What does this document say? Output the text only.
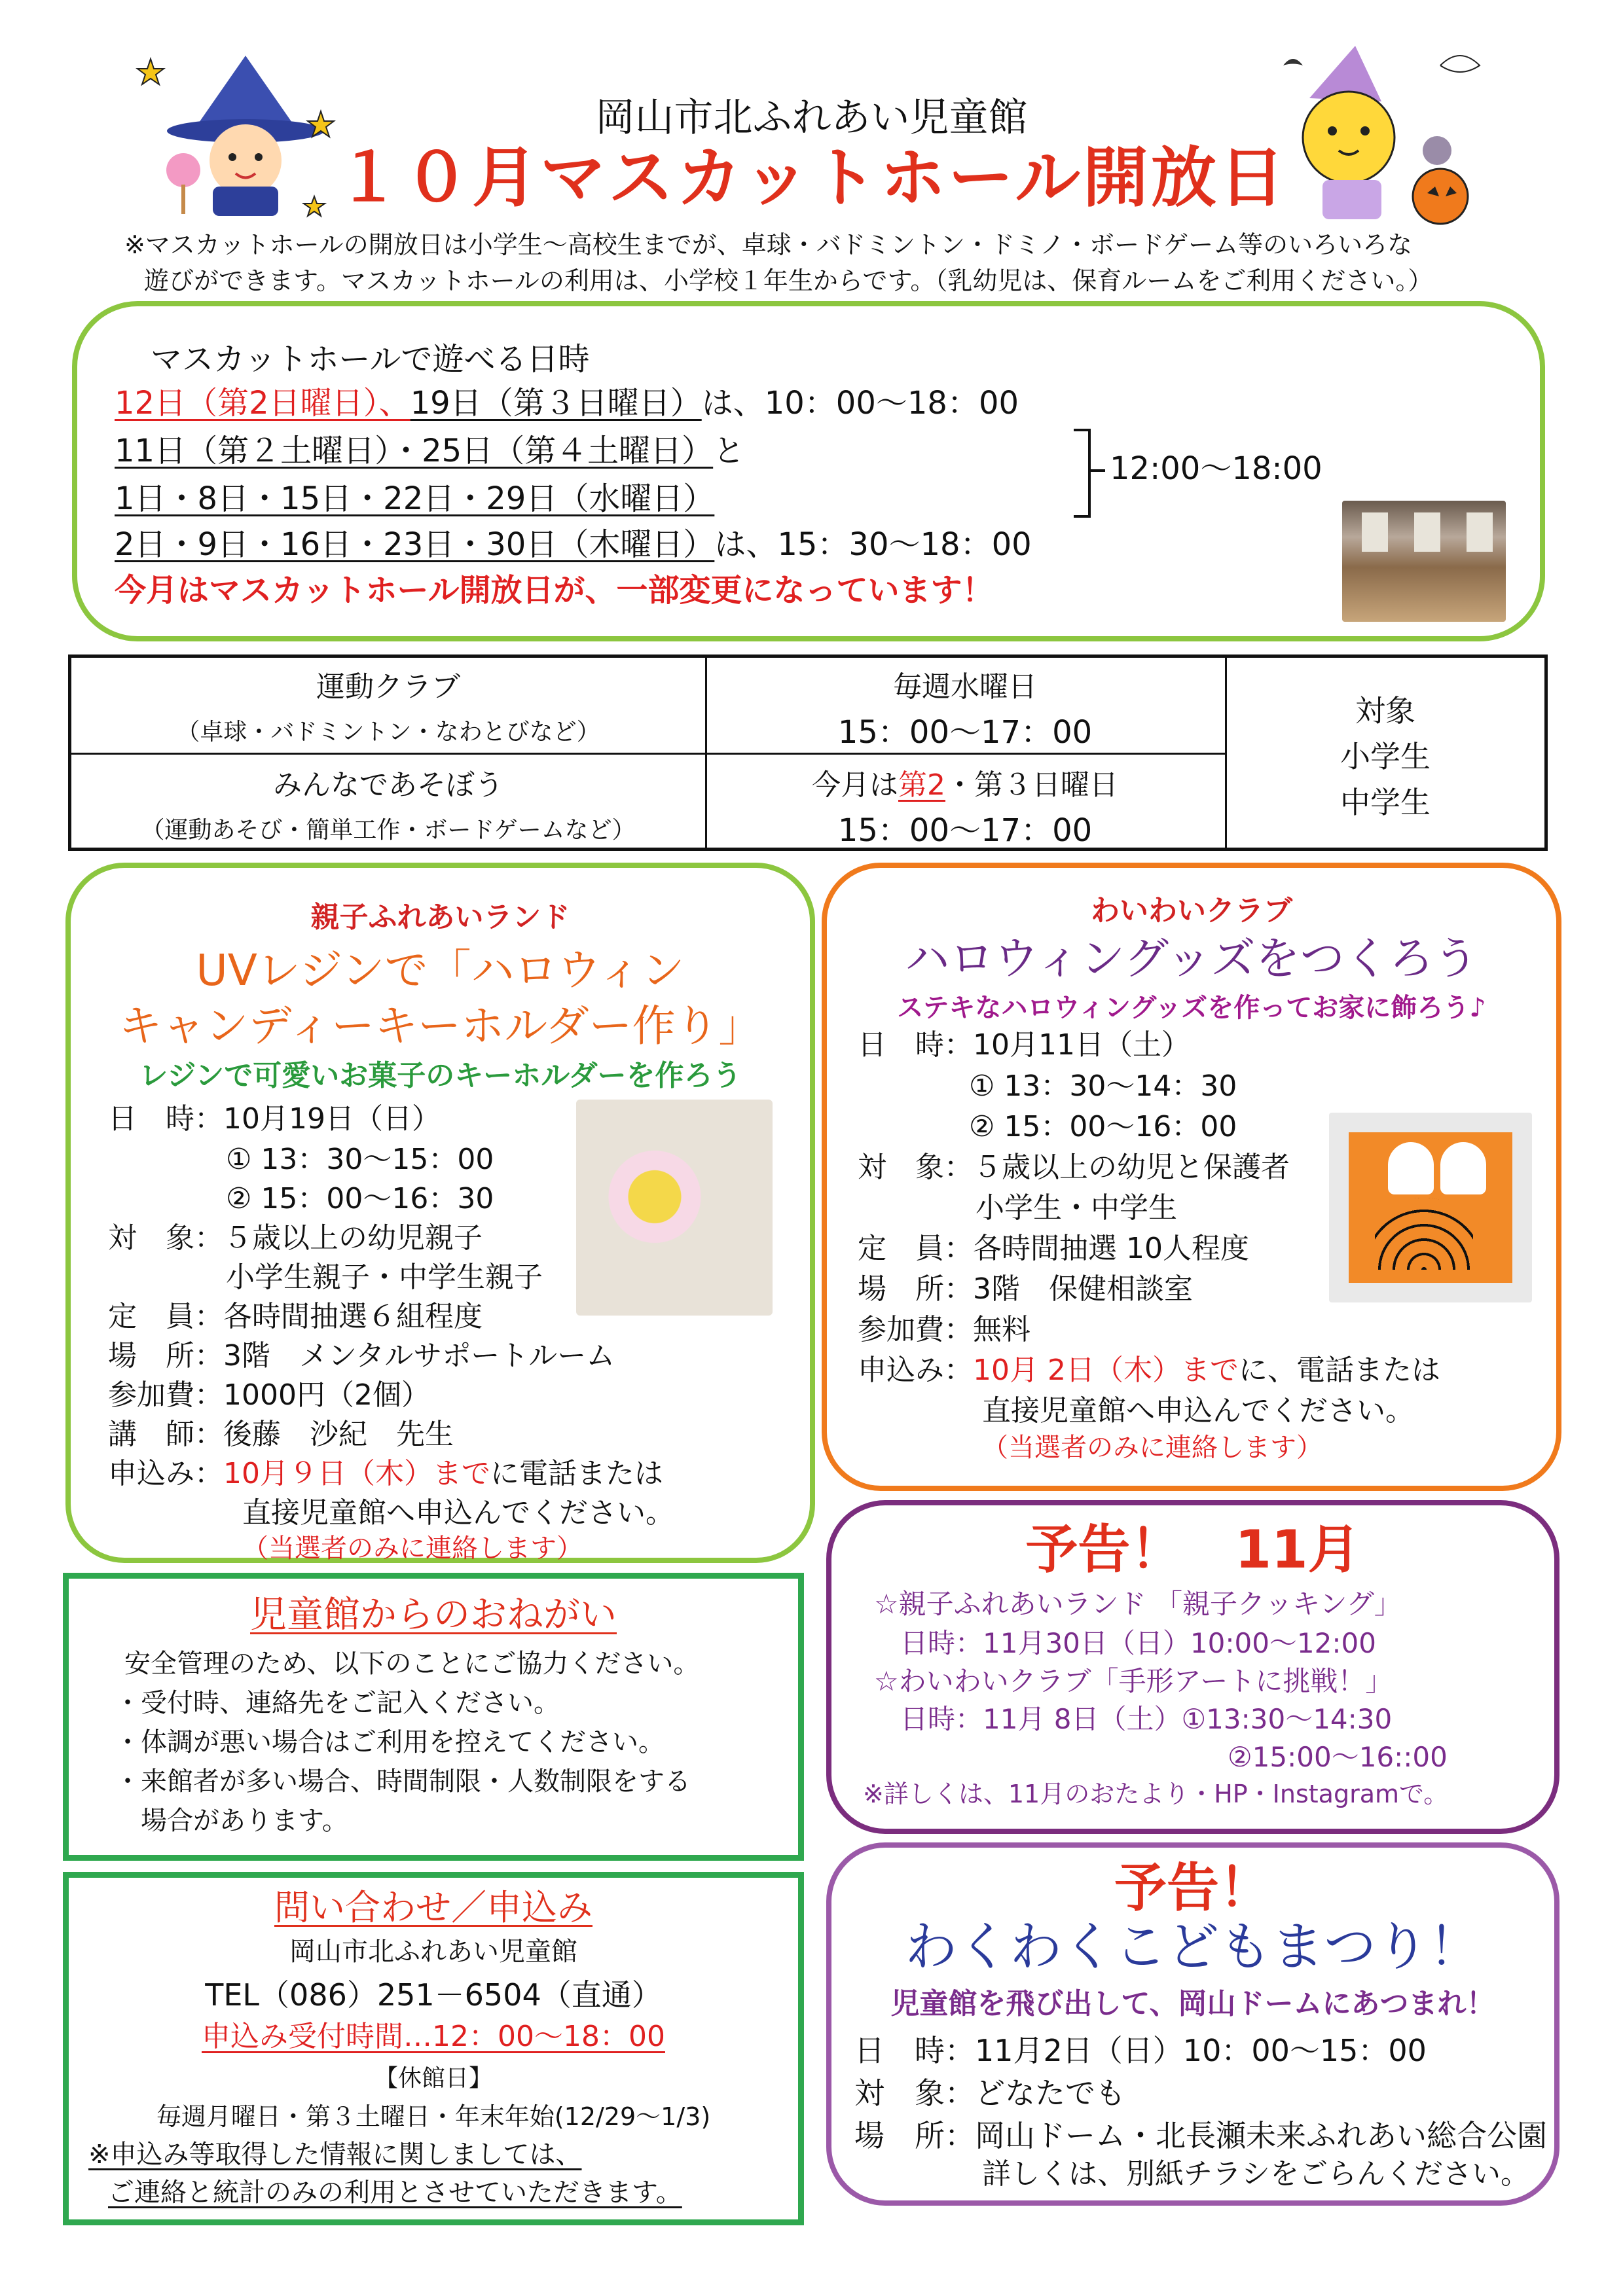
岡山市北ふれあい児童館
１０月マスカットホール開放日
※マスカットホールの開放日は小学生～高校生までが、卓球・バドミントン・ドミノ・ボードゲーム等のいろいろな
遊びができます。マスカットホールの利用は、小学校１年生からです。（乳幼児は、保育ルームをご利用ください。）
マスカットホールで遊べる日時
12日（第2日曜日）、19日（第３日曜日）は、10：00～18：00
11日（第２土曜日）・25日（第４土曜日）と
1日・8日・15日・22日・29日（水曜日）
12:00～18:00
2日・9日・16日・23日・30日（木曜日）は、15：30～18：00
今月はマスカットホール開放日が、一部変更になっています！
運動クラブ
（卓球・バドミントン・なわとびなど）
毎週水曜日
15：00～17：00
みんなであそぼう
（運動あそび・簡単工作・ボードゲームなど）
今月は第2・第３日曜日
15：00～17：00
対象
小学生
中学生
親子ふれあいランド
UVレジンで「ハロウィン
キャンディーキーホルダー作り」
レジンで可愛いお菓子のキーホルダーを作ろう
日　時：10月19日（日）
① 13：30～15：00
② 15：00～16：30
対　象：５歳以上の幼児親子
小学生親子・中学生親子
定　員：各時間抽選６組程度
場　所：3階　メンタルサポートルーム
参加費：1000円（2個）
講　師：後藤　沙紀　先生
申込み：10月９日（木）までに電話または
直接児童館へ申込んでください。
（当選者のみに連絡します）
わいわいクラブ
ハロウィングッズをつくろう
ステキなハロウィングッズを作ってお家に飾ろう♪
日　時：10月11日（土）
① 13：30～14：30
② 15：00～16：00
対　象：５歳以上の幼児と保護者
小学生・中学生
定　員：各時間抽選 10人程度
場　所：3階　保健相談室
参加費：無料
申込み：10月 2日（木）までに、電話または
直接児童館へ申込んでください。
（当選者のみに連絡します）
予告！　11月
☆親子ふれあいランド 「親子クッキング」
日時：11月30日（日）10:00～12:00
☆わいわいクラブ「手形アートに挑戦！」
日時：11月 8日（土）①13:30～14:30
②15:00～16::00
※詳しくは、11月のおたより・HP・Instagramで。
予告！
わくわくこどもまつり！
児童館を飛び出して、岡山ドームにあつまれ！
日　時：11月2日（日）10：00～15：00
対　象：どなたでも
場　所：岡山ドーム・北長瀬未来ふれあい総合公園
詳しくは、別紙チラシをごらんください。
児童館からのおねがい
安全管理のため、以下のことにご協力ください。
・受付時、連絡先をご記入ください。
・体調が悪い場合はご利用を控えてください。
・来館者が多い場合、時間制限・人数制限をする
場合があります。
問い合わせ／申込み
岡山市北ふれあい児童館
TEL（086）251－6504（直通）
申込み受付時間…12：00～18：00
【休館日】
毎週月曜日・第３土曜日・年末年始(12/29～1/3)
※申込み等取得した情報に関しましては、
ご連絡と統計のみの利用とさせていただきます。
